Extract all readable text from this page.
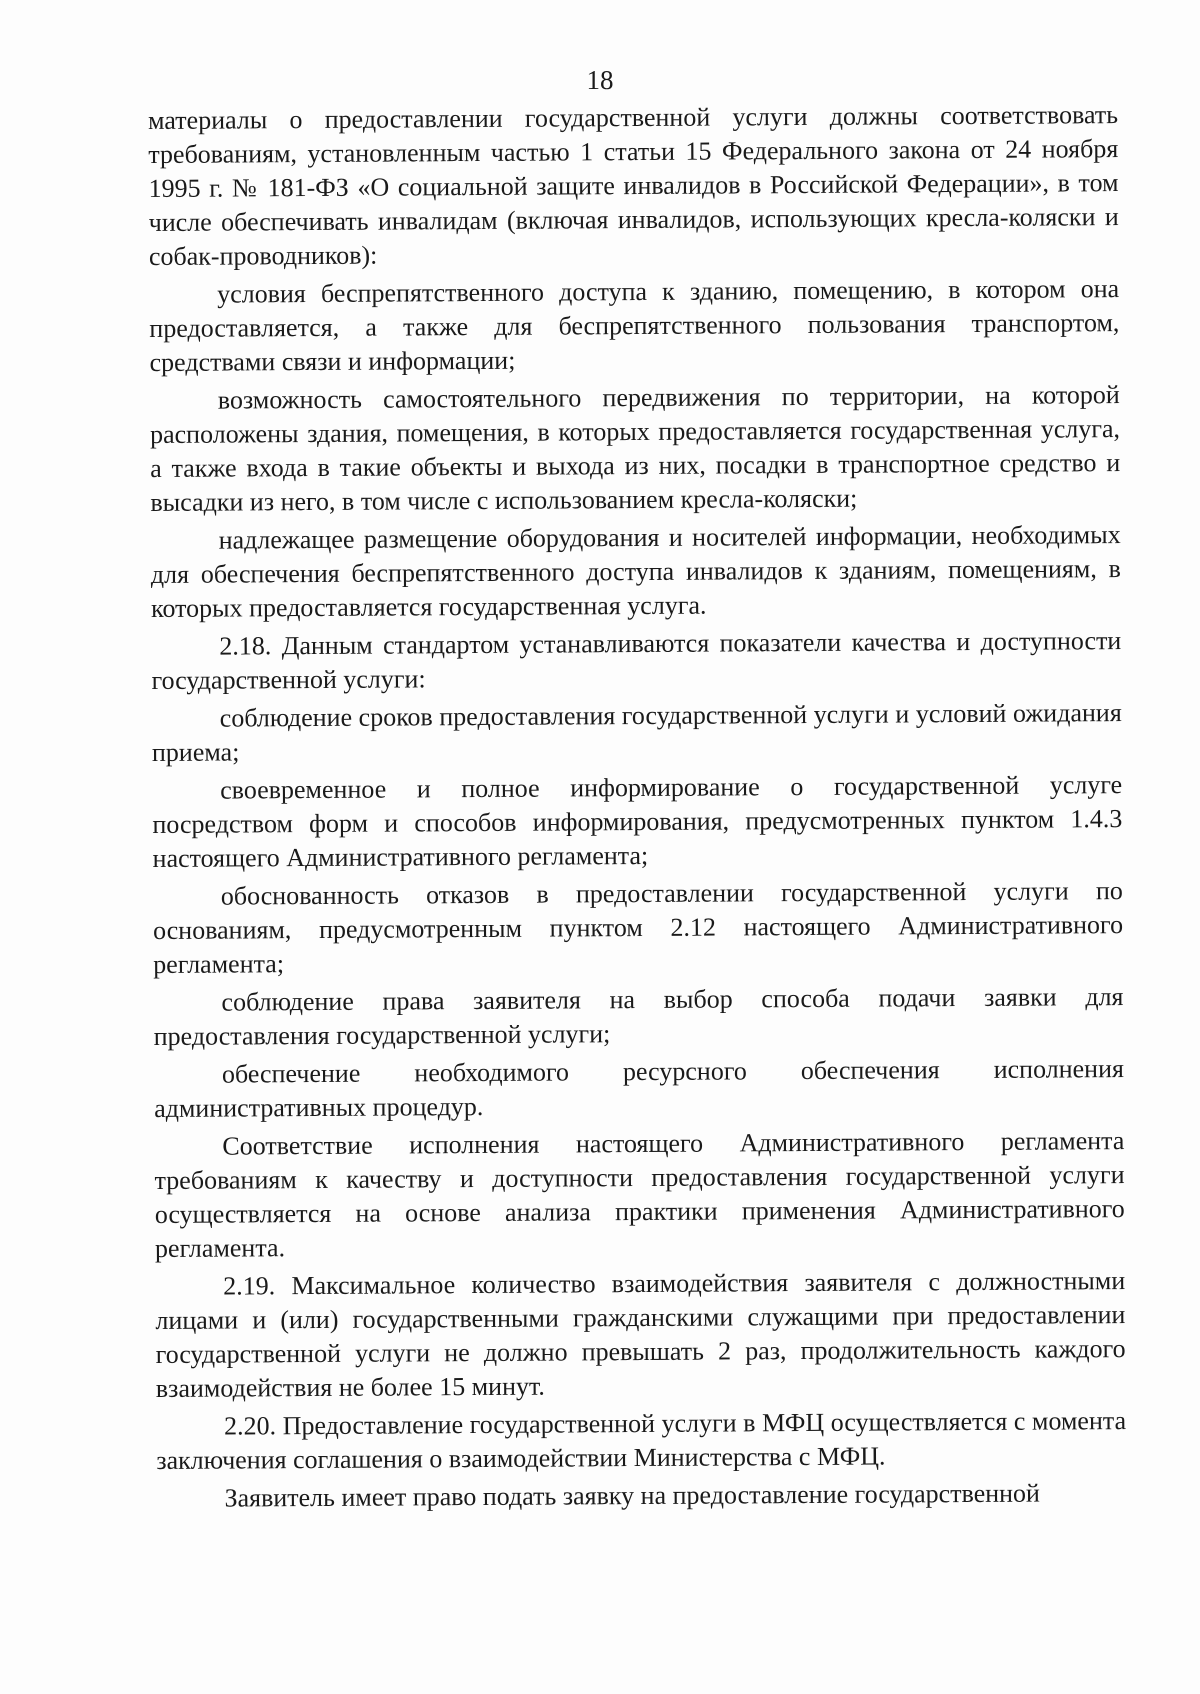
18

материалы о предоставлении государственной услуги должны соответствовать требованиям, установленным частью 1 статьи 15 Федерального закона от 24 ноября 1995 г. № 181-ФЗ «О социальной защите инвалидов в Российской Федерации», в том числе обеспечивать инвалидам (включая инвалидов, использующих кресла-коляски и собак-проводников):

условия беспрепятственного доступа к зданию, помещению, в котором она предоставляется, а также для беспрепятственного пользования транспортом, средствами связи и информации;

возможность самостоятельного передвижения по территории, на которой расположены здания, помещения, в которых предоставляется государственная услуга, а также входа в такие объекты и выхода из них, посадки в транспортное средство и высадки из него, в том числе с использованием кресла-коляски;

надлежащее размещение оборудования и носителей информации, необходимых для обеспечения беспрепятственного доступа инвалидов к зданиям, помещениям, в которых предоставляется государственная услуга.

2.18. Данным стандартом устанавливаются показатели качества и доступности государственной услуги:

соблюдение сроков предоставления государственной услуги и условий ожидания приема;

своевременное и полное информирование о государственной услуге посредством форм и способов информирования, предусмотренных пунктом 1.4.3 настоящего Административного регламента;

обоснованность отказов в предоставлении государственной услуги по основаниям, предусмотренным пунктом 2.12 настоящего Административного регламента;

соблюдение права заявителя на выбор способа подачи заявки для предоставления государственной услуги;

обеспечение необходимого ресурсного обеспечения исполнения административных процедур.

Соответствие исполнения настоящего Административного регламента требованиям к качеству и доступности предоставления государственной услуги осуществляется на основе анализа практики применения Административного регламента.

2.19. Максимальное количество взаимодействия заявителя с должностными лицами и (или) государственными гражданскими служащими при предоставлении государственной услуги не должно превышать 2 раз, продолжительность каждого взаимодействия не более 15 минут.

2.20. Предоставление государственной услуги в МФЦ осуществляется с момента заключения соглашения о взаимодействии Министерства с МФЦ.

Заявитель имеет право подать заявку на предоставление государственной
